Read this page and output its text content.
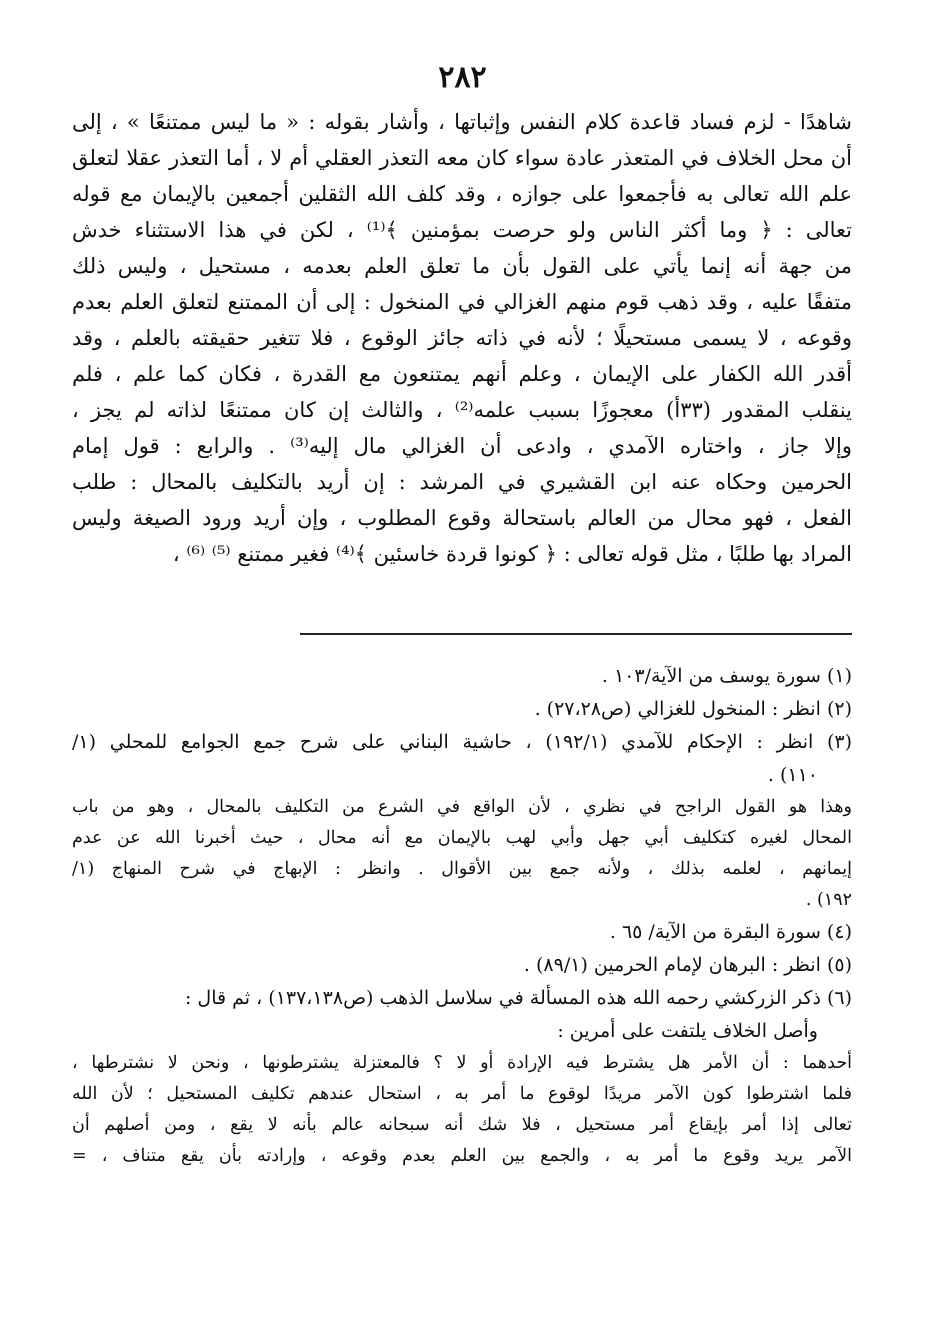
٢٨٢
شاهدًا - لزم فساد قاعدة كلام النفس وإثباتها ، وأشار بقوله : « ما ليس ممتنعًا » ، إلى
أن محل الخلاف في المتعذر عادة سواء كان معه التعذر العقلي أم لا ، أما التعذر عقلا لتعلق
علم الله تعالى به فأجمعوا على جوازه ، وقد كلف الله الثقلين أجمعين بالإيمان مع قوله
تعالى : ﴿ وما أكثر الناس ولو حرصت بمؤمنين ﴾⁽¹⁾ ، لكن في هذا الاستثناء خدش
من جهة أنه إنما يأتي على القول بأن ما تعلق العلم بعدمه ، مستحيل ، وليس ذلك
متفقًا عليه ، وقد ذهب قوم منهم الغزالي في المنخول : إلى أن الممتنع لتعلق العلم بعدم
وقوعه ، لا يسمى مستحيلًا ؛ لأنه في ذاته جائز الوقوع ، فلا تتغير حقيقته بالعلم ، وقد
أقدر الله الكفار على الإيمان ، وعلم أنهم يمتنعون مع القدرة ، فكان كما علم ، فلم
ينقلب المقدور (٣٣أ) معجوزًا بسبب علمه⁽²⁾ ، والثالث إن كان ممتنعًا لذاته لم يجز ،
وإلا جاز ، واختاره الآمدي ، وادعى أن الغزالي مال إليه⁽³⁾ . والرابع : قول إمام
الحرمين وحكاه عنه ابن القشيري في المرشد : إن أريد بالتكليف بالمحال : طلب
الفعل ، فهو محال من العالم باستحالة وقوع المطلوب ، وإن أريد ورود الصيغة وليس
المراد بها طلبًا ، مثل قوله تعالى : ﴿ كونوا قردة خاسئين ﴾⁽⁴⁾ فغير ممتنع ⁽⁵⁾ ⁽⁶⁾ ،
(١) سورة يوسف من الآية/١٠٣ .
(٢) انظر : المنخول للغزالي (ص٢٧،٢٨) .
(٣) انظر : الإحكام للآمدي (١٩٢/١) ، حاشية البناني على شرح جمع الجوامع للمحلي (١/
١١٠) .
وهذا هو القول الراجح في نظري ، لأن الواقع في الشرع من التكليف بالمحال ، وهو من باب
المحال لغيره كتكليف أبي جهل وأبي لهب بالإيمان مع أنه محال ، حيث أخبرنا الله عن عدم
إيمانهم ، لعلمه بذلك ، ولأنه جمع بين الأقوال . وانظر : الإبهاج في شرح المنهاج (١/
١٩٢) .
(٤) سورة البقرة من الآية/ ٦٥ .
(٥) انظر : البرهان لإمام الحرمين (٨٩/١) .
(٦) ذكر الزركشي رحمه الله هذه المسألة في سلاسل الذهب (ص١٣٧،١٣٨) ، ثم قال :
وأصل الخلاف يلتفت على أمرين :
أحدهما : أن الأمر هل يشترط فيه الإرادة أو لا ؟ فالمعتزلة يشترطونها ، ونحن لا نشترطها ،
فلما اشترطوا كون الآمر مريدًا لوقوع ما أمر به ، استحال عندهم تكليف المستحيل ؛ لأن الله
تعالى إذا أمر بإيقاع أمر مستحيل ، فلا شك أنه سبحانه عالم بأنه لا يقع ، ومن أصلهم أن
الآمر يريد وقوع ما أمر به ، والجمع بين العلم بعدم وقوعه ، وإرادته بأن يقع متناف ، =
